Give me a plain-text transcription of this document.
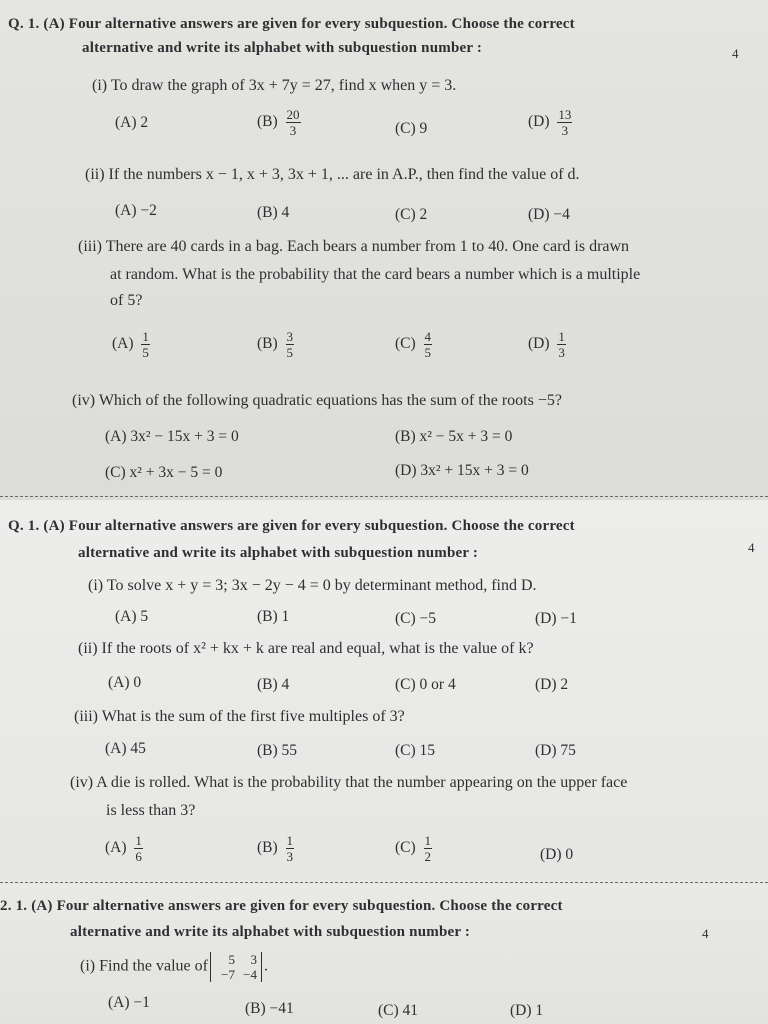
Q. 1. (A) Four alternative answers are given for every subquestion. Choose the correct
alternative and write its alphabet with subquestion number :	4
(i) To draw the graph of 3x + 7y = 27, find x when y = 3.
(A) 2	$(B) \frac{20}{3}$	(C) 9	$(D) \frac{13}{3}$
(ii) If the numbers x − 1, x + 3, 3x + 1, ... are in A.P., then find the value of d.
(A) −2	(B) 4	(C) 2	(D) −4
(iii) There are 40 cards in a bag. Each bears a number from 1 to 40. One card is drawn
at random. What is the probability that the card bears a number which is a multiple
of 5?
$(A) \frac{1}{5}$	$(B) \frac{3}{5}$	$(C) \frac{4}{5}$	$(D) \frac{1}{3}$
(iv) Which of the following quadratic equations has the sum of the roots −5?
(A) 3x² − 15x + 3 = 0	(B) x² − 5x + 3 = 0
(C) x² + 3x − 5 = 0	(D) 3x² + 15x + 3 = 0
Q. 1. (A) Four alternative answers are given for every subquestion. Choose the correct
alternative and write its alphabet with subquestion number :	4
(i) To solve x + y = 3; 3x − 2y − 4 = 0 by determinant method, find D.
(A) 5	(B) 1	(C) −5	(D) −1
(ii) If the roots of x² + kx + k are real and equal, what is the value of k?
(A) 0	(B) 4	(C) 0 or 4	(D) 2
(iii) What is the sum of the first five multiples of 3?
(A) 45	(B) 55	(C) 15	(D) 75
(iv) A die is rolled. What is the probability that the number appearing on the upper face
is less than 3?
$(A) \frac{1}{6}$	$(B) \frac{1}{3}$	$(C) \frac{1}{2}$	(D) 0
2. 1. (A) Four alternative answers are given for every subquestion. Choose the correct
alternative and write its alphabet with subquestion number :	4
(i) Find the value of	5	3
−7 −4 .
(A) −1	(B) −41	(C) 41	(D) 1
